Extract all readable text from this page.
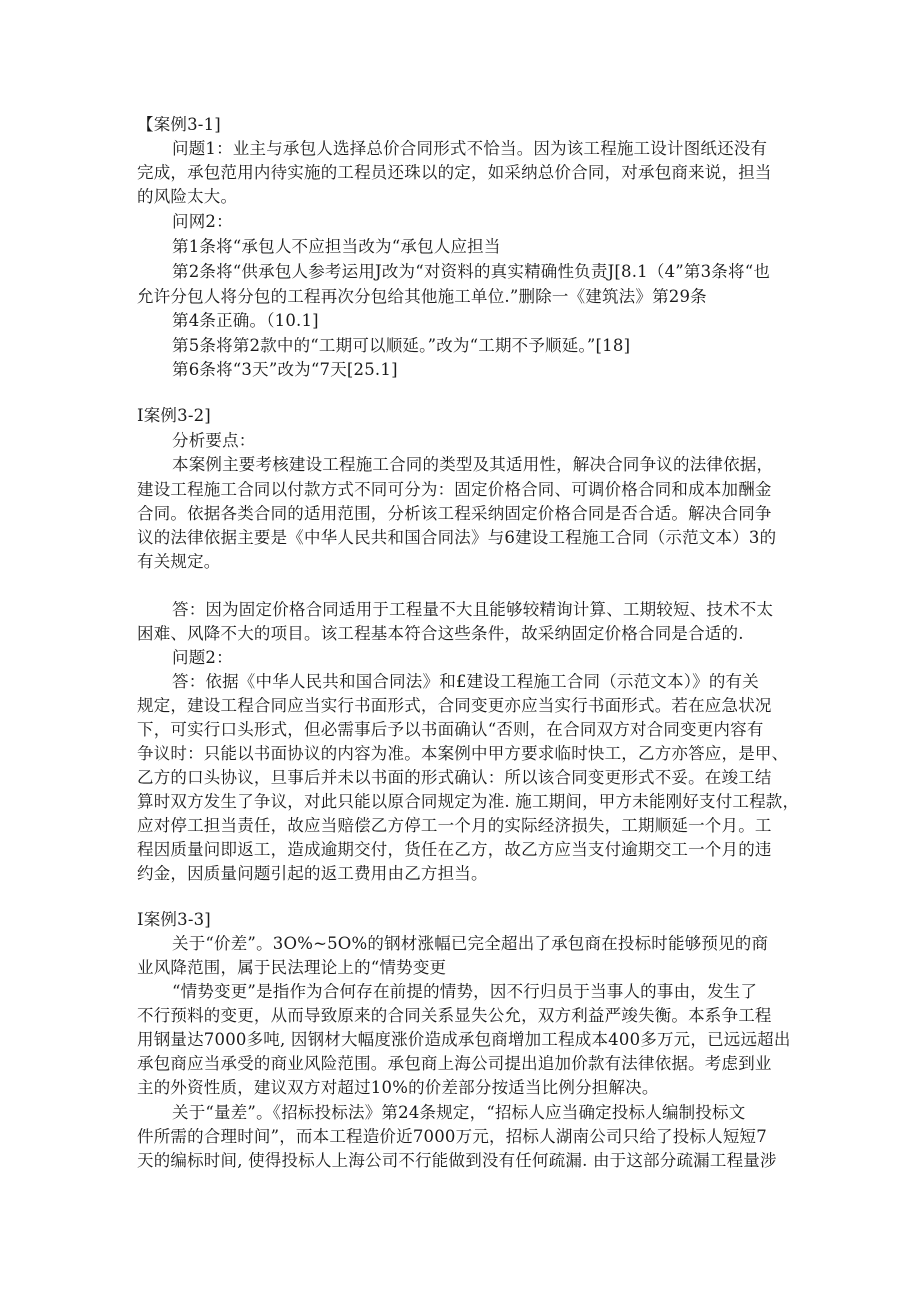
【案例3-1]
问题1：业主与承包人选择总价合同形式不恰当。因为该工程施工设计图纸还没有
完成，承包范用内待实施的工程员还珠以的定，如采纳总价合同，对承包商来说，担当
的风险太大。
问网2：
第1条将“承包人不应担当改为“承包人应担当
第2条将“供承包人参考运用J改为“对资料的真实精确性负责J[8.1（4”第3条将“也
允许分包人将分包的工程再次分包给其他施工单位.”删除一《建筑法》第29条
第4条正确。（10.1]
第5条将第2款中的“工期可以顺延。”改为“工期不予顺延。”[18]
第6条将“3天”改为“7天[25.1]
I案例3-2]
分析要点：
本案例主要考核建设工程施工合同的类型及其适用性，解决合同争议的法律依据，
建设工程施工合同以付款方式不同可分为：固定价格合同、可调价格合同和成本加酬金
合同。依据各类合同的适用范围，分析该工程采纳固定价格合同是否合适。解决合同争
议的法律依据主要是《中华人民共和国合同法》与6建设工程施工合同（示范文本）3的
有关规定。
答：因为固定价格合同适用于工程量不大且能够较精询计算、工期较短、技术不太
困难、风降不大的项目。该工程基本符合这些条件，故采纳固定价格合同是合适的.
问题2：
答：依据《中华人民共和国合同法》和£建设工程施工合同（示范文本）》的有关
规定，建设工程合同应当实行书面形式，合同变更亦应当实行书面形式。若在应急状况
下，可实行口头形式，但必需事后予以书面确认“否则，在合同双方对合同变更内容有
争议时：只能以书面协议的内容为准。本案例中甲方要求临时快工，乙方亦答应，是甲、
乙方的口头协议，旦事后并未以书面的形式确认：所以该合同变更形式不妥。在竣工结
算时双方发生了争议，对此只能以原合同规定为准. 施工期间，甲方未能刚好支付工程款，
应对停工担当责任，故应当赔偿乙方停工一个月的实际经济损失，工期顺延一个月。工
程因质量问即返工，造成逾期交付，货任在乙方，故乙方应当支付逾期交工一个月的违
约金，因质量问题引起的返工费用由乙方担当。
I案例3-3]
关于“价差”。3O%~5O%的钢材涨幅已完全超出了承包商在投标时能够预见的商
业风降范围，属于民法理论上的“情势变更
“情势变更”是指作为合何存在前提的情势，因不行归员于当事人的事由，发生了
不行预料的变更，从而导致原来的合同关系显失公允，双方利益严竣失衡。本系争工程
用钢量达7000多吨, 因钢材大幅度涨价造成承包商增加工程成本400多万元，已远远超出
承包商应当承受的商业风险范围。承包商上海公司提出追加价款有法律依据。考虑到业
主的外资性质，建议双方对超过10%的价差部分按适当比例分担解决。
关于“量差”。《招标投标法》第24条规定，“招标人应当确定投标人编制投标文
件所需的合理时间”，而本工程造价近7000万元，招标人湖南公司只给了投标人短短7
天的编标时间, 使得投标人上海公司不行能做到没有任何疏漏. 由于这部分疏漏工程量涉
